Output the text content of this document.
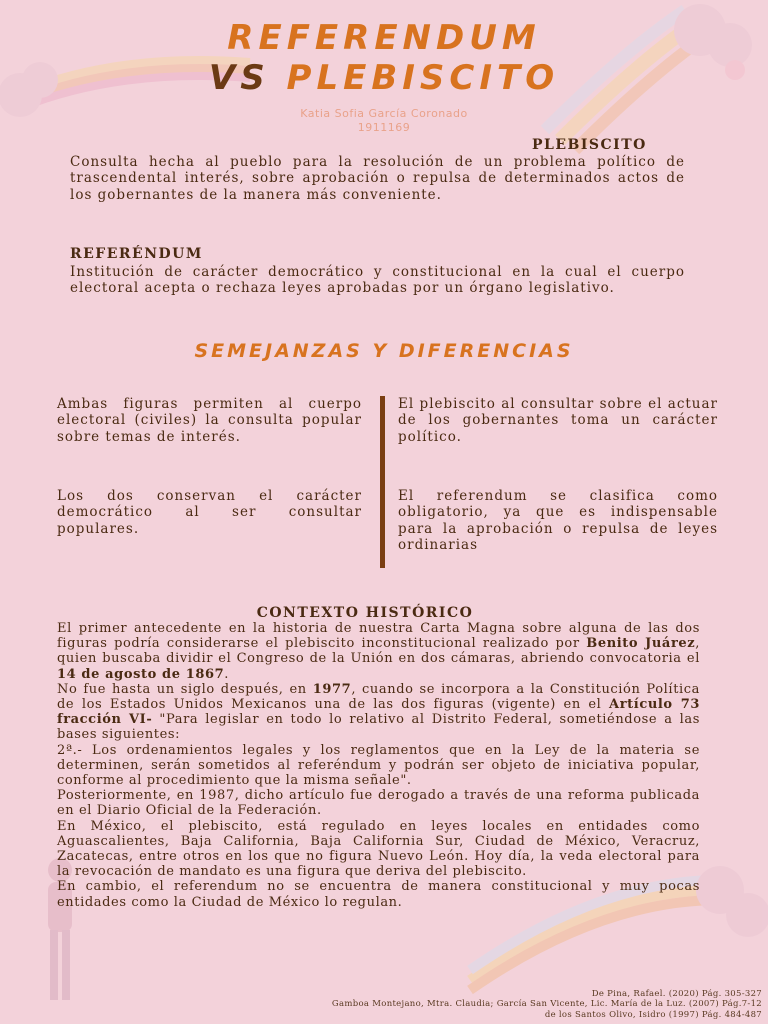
REFERENDUM
VS PLEBISCITO
Katia Sofia García Coronado
1911169
PLEBISCITO

Consulta hecha al pueblo para la resolución de un problema político de trascendental interés, sobre aprobación o repulsa de determinados actos de los gobernantes de la manera más conveniente.

REFERÉNDUM

Institución de carácter democrático y constitucional en la cual el cuerpo electoral acepta o rechaza leyes aprobadas por un órgano legislativo.

SEMEJANZAS Y DIFERENCIAS

Ambas figuras permiten al cuerpo electoral (civiles) la consulta popular sobre temas de interés.

Los dos conservan el carácter democrático al ser consultar populares.

El plebiscito al consultar sobre el actuar de los gobernantes toma un carácter político.

El referendum se clasifica como obligatorio, ya que es indispensable para la aprobación o repulsa de leyes ordinarias

CONTEXTO HISTÓRICO
El primer antecedente en la historia de nuestra Carta Magna sobre alguna de las dos figuras podría considerarse el plebiscito inconstitucional realizado por Benito Juárez, quien buscaba dividir el Congreso de la Unión en dos cámaras, abriendo convocatoria el 14 de agosto de 1867.
No fue hasta un siglo después, en 1977, cuando se incorpora a la Constitución Política de los Estados Unidos Mexicanos una de las dos figuras (vigente) en el Artículo 73 fracción VI- "Para legislar en todo lo relativo al Distrito Federal, sometiéndose a las bases siguientes:
2ª.- Los ordenamientos legales y los reglamentos que en la Ley de la materia se determinen, serán sometidos al referéndum y podrán ser objeto de iniciativa popular, conforme al procedimiento que la misma señale".
Posteriormente, en 1987, dicho artículo fue derogado a través de una reforma publicada en el Diario Oficial de la Federación.
En México, el plebiscito, está regulado en leyes locales en entidades como Aguascalientes, Baja California, Baja California Sur, Ciudad de México, Veracruz, Zacatecas, entre otros en los que no figura Nuevo León. Hoy día, la veda electoral para la revocación de mandato es una figura que deriva del plebiscito.
En cambio, el referendum no se encuentra de manera constitucional y muy pocas entidades como la Ciudad de México lo regulan.
De Pina, Rafael. (2020) Pág. 305-327
Gamboa Montejano, Mtra. Claudia; García San Vicente, Lic. María de la Luz. (2007) Pág.7-12
de los Santos Olivo, Isidro (1997) Pág. 484-487
